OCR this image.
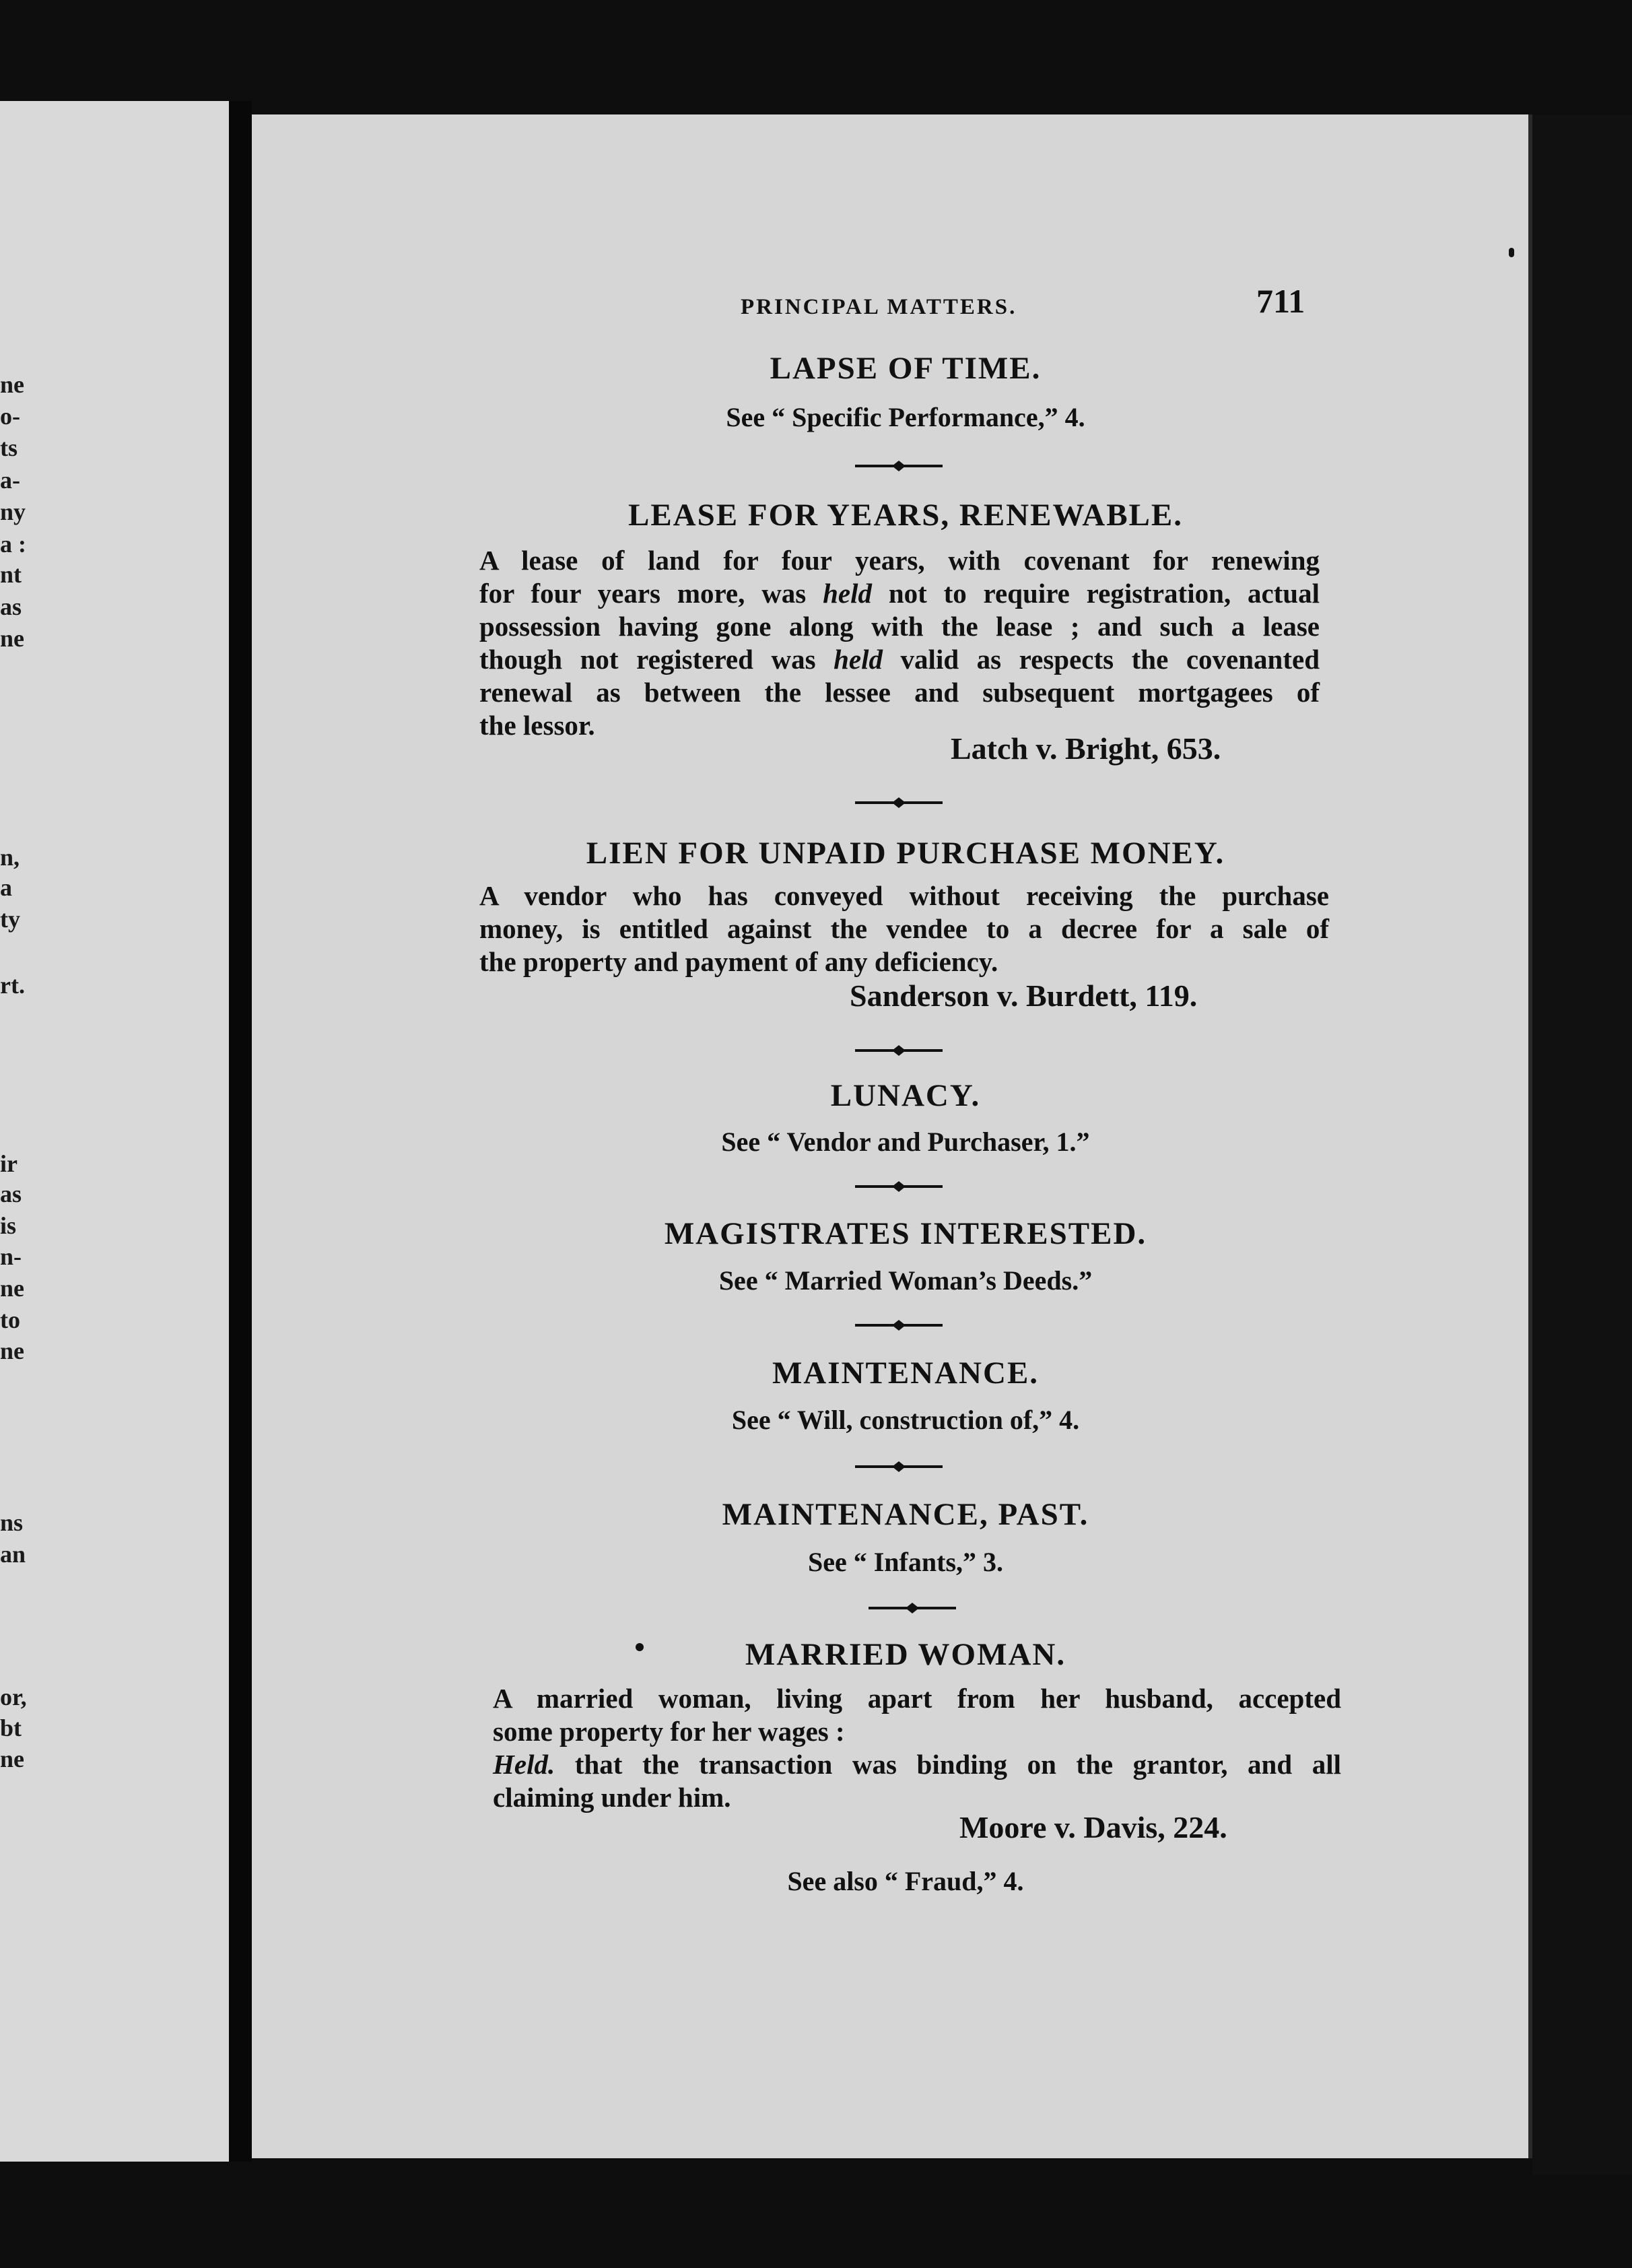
ne
o-
ts
a-
ny
a :
nt
as
ne
n,
a
ty
rt.
ir
as
is
n-
ne
to
ne
ns
an
or,
bt
ne
PRINCIPAL MATTERS.	711
LAPSE OF TIME.
See “ Specific Performance,” 4.
LEASE FOR YEARS, RENEWABLE.
A lease of land for four years, with covenant for renewing
for four years more, was held not to require registration, actual
possession having gone along with the lease ; and such a lease
though not registered was held valid as respects the covenanted
renewal as between the lessee and subsequent mortgagees of
the lessor.
Latch v. Bright, 653.
LIEN FOR UNPAID PURCHASE MONEY.
A vendor who has conveyed without receiving the purchase
money, is entitled against the vendee to a decree for a sale of
the property and payment of any deficiency.
Sanderson v. Burdett, 119.
LUNACY.
See “ Vendor and Purchaser, 1.”
MAGISTRATES INTERESTED.
See “ Married Woman’s Deeds.”
MAINTENANCE.
See “ Will, construction of,” 4.
MAINTENANCE, PAST.
See “ Infants,” 3.
MARRIED WOMAN.
A married woman, living apart from her husband, accepted
some property for her wages :
Held. that the transaction was binding on the grantor, and all
claiming under him.
Moore v. Davis, 224.
See also “ Fraud,” 4.
